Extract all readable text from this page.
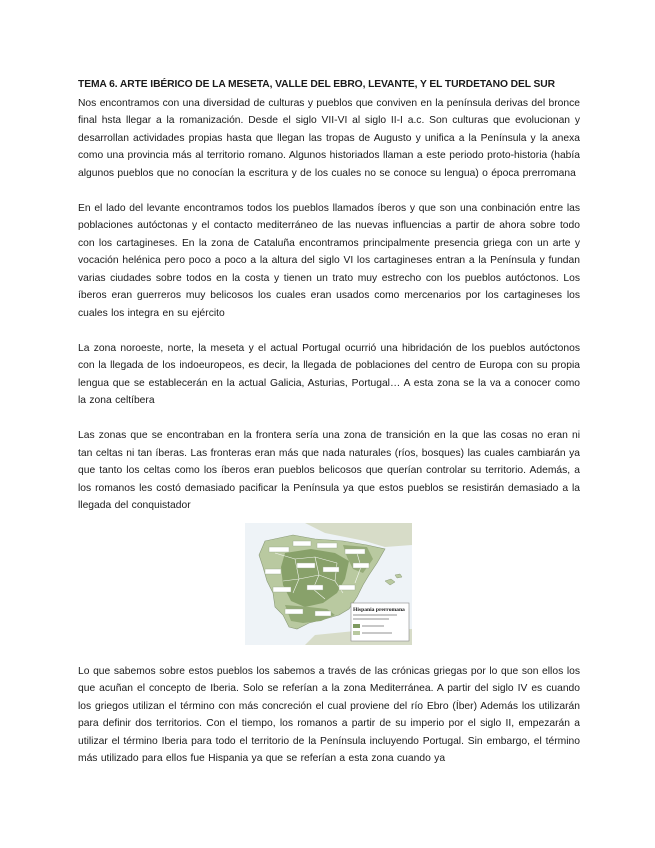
TEMA 6. ARTE IBÉRICO DE LA MESETA, VALLE DEL EBRO, LEVANTE, Y EL TURDETANO DEL SUR

Nos encontramos con una diversidad de culturas y pueblos que conviven en la península derivas del bronce final hsta llegar a la romanización. Desde el siglo VII-VI al siglo II-I a.c. Son culturas que evolucionan y desarrollan actividades propias hasta que llegan las tropas de Augusto y unifica a la Península y la anexa como una provincia más al territorio romano. Algunos historiados llaman a este periodo proto-historia (había algunos pueblos que no conocían la escritura y de los cuales no se conoce su lengua) o época prerromana

En el lado del levante encontramos todos los pueblos llamados íberos y que son una conbinación entre las poblaciones autóctonas y el contacto mediterráneo de las nuevas influencias a partir de ahora sobre todo con los cartagineses. En la zona de Cataluña encontramos principalmente presencia griega con un arte y vocación helénica pero poco a poco a la altura del siglo VI los cartagineses entran a la Península y fundan varias ciudades sobre todos en la costa y tienen un trato muy estrecho con los pueblos autóctonos. Los íberos eran guerreros muy belicosos los cuales eran usados como mercenarios por los cartagineses los cuales los integra en su ejército

La zona noroeste, norte, la meseta y el actual Portugal ocurrió una hibridación de los pueblos autóctonos con la llegada de los indoeuropeos, es decir, la llegada de poblaciones del centro de Europa con su propia lengua que se establecerán en la actual Galicia, Asturias, Portugal… A esta zona se la va a conocer como la zona celtíbera

Las zonas que se encontraban en la frontera sería una zona de transición en la que las cosas no eran ni tan celtas ni tan íberas. Las fronteras eran más que nada naturales (ríos, bosques) las cuales cambiarán ya que tanto los celtas como los íberos eran pueblos belicosos que querían controlar su territorio. Además, a los romanos les costó demasiado pacificar la Península ya que estos pueblos se resistirán demasiado a la llegada del conquistador

Hispania prerromana

Lo que sabemos sobre estos pueblos los sabemos a través de las crónicas griegas por lo que son ellos los que acuñan el concepto de Iberia. Solo se referían a la zona Mediterránea. A partir del siglo IV es cuando los griegos utilizan el término con más concreción el cual proviene del río Ebro (Íber) Además los utilizarán para definir dos territorios. Con el tiempo, los romanos a partir de su imperio por el siglo II, empezarán a utilizar el término Iberia para todo el territorio de la Península incluyendo Portugal. Sin embargo, el término más utilizado para ellos fue Hispania ya que se referían a esta zona cuando ya
